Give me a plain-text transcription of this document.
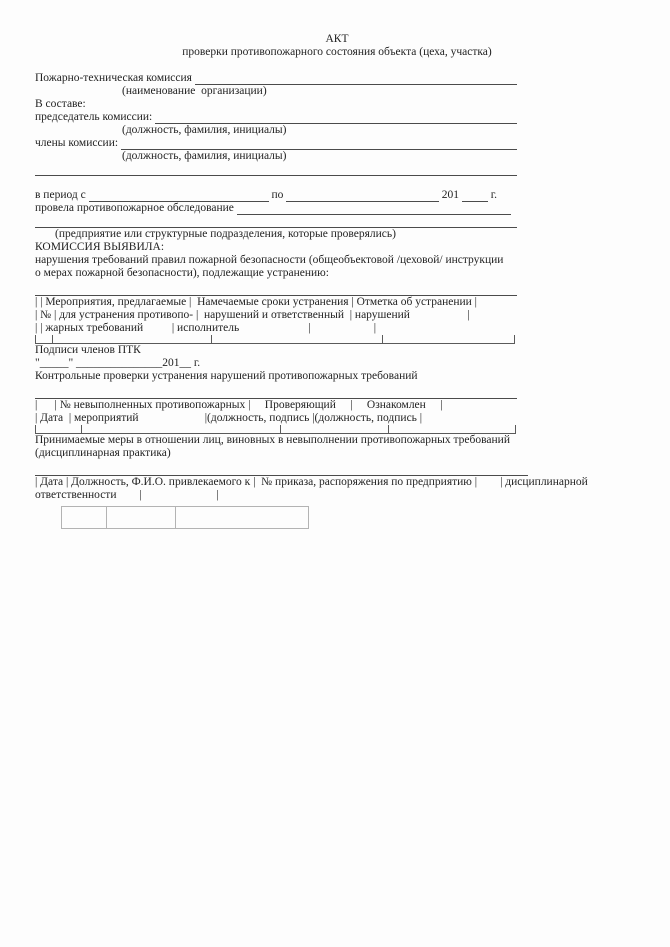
АКТ
проверки противопожарного состояния объекта (цеха, участка)
Пожарно-техническая комиссия
(наименование  организации)
В составе:
председатель комиссии:
(должность, фамилия, инициалы)
члены комиссии:
(должность, фамилия, инициалы)
в период с	по	201 г.
провела противопожарное обследование
(предприятие или структурные подразделения, которые проверялись)
КОМИССИЯ ВЫЯВИЛА:
нарушения требований правил пожарной безопасности (общеобъектовой /цеховой/ инструкции
о мерах пожарной безопасности), подлежащие устранению:
| | Мероприятия, предлагаемые |  Намечаемые сроки устранения | Отметка об устранении |
| № | для устранения противопо- |  нарушений и ответственный  | нарушений                    |
| | жарных требований          | исполнитель                        |                      |
Подписи членов ПТК
"_____" _______________201__ г.
Контрольные проверки устранения нарушений противопожарных требований
|      | № невыполненных противопожарных |     Проверяющий     |     Ознакомлен     |
| Дата  | мероприятий                       |(должность, подпись |(должность, подпись |
Принимаемые меры в отношении лиц, виновных в невыполнении противопожарных требований
(дисциплинарная практика)
| Дата | Должность, Ф.И.О. привлекаемого к |  № приказа, распоряжения по предприятию |        | дисциплинарной
ответственности        |                          |
